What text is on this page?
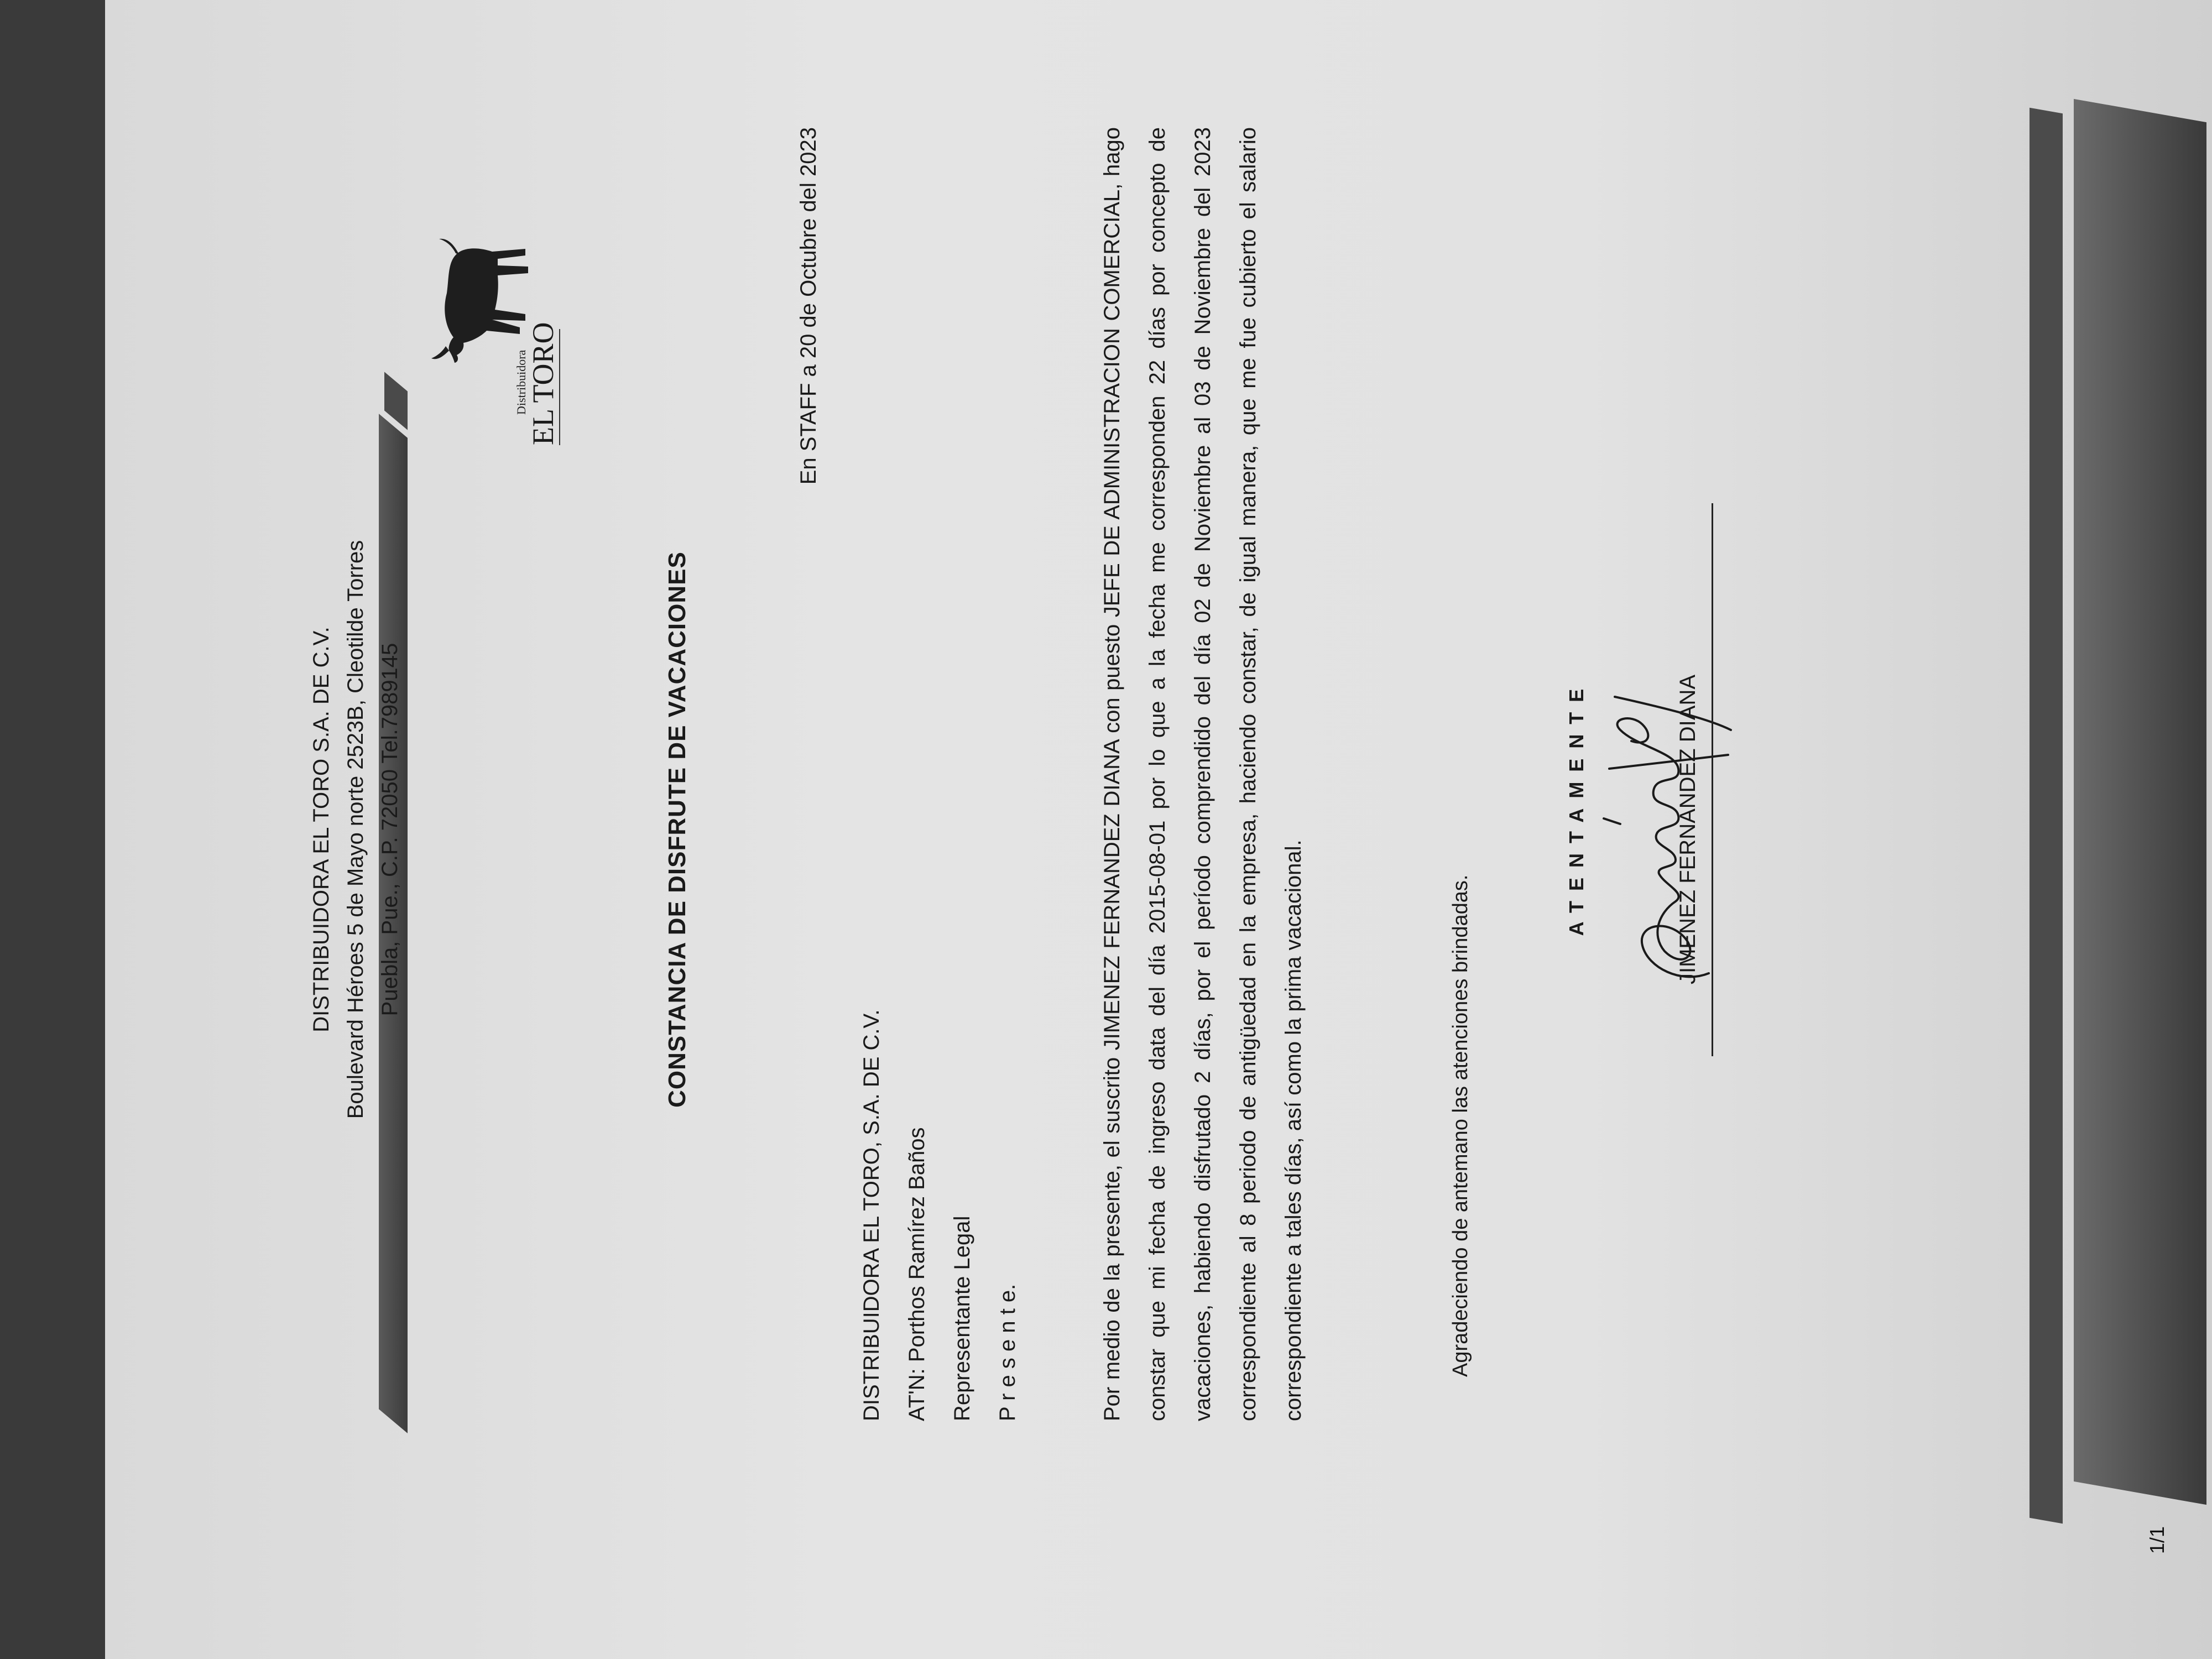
DISTRIBUIDORA EL TORO S.A. DE C.V. Boulevard Héroes 5 de Mayo norte 2523B, Cleotilde Torres Puebla, Pue., C.P. 72050 Tel.7989145
Distribuidora
EL TORO
CONSTANCIA DE DISFRUTE DE VACACIONES
En STAFF a 20 de Octubre del 2023
DISTRIBUIDORA EL TORO, S.A. DE C.V. AT'N: Porthos Ramírez Baños Representante Legal P r e s e n t e.	Por medio de la presente, el suscrito JIMENEZ FERNANDEZ DIANA con puesto JEFE DE ADMINISTRACION COMERCIAL, hago constar que mi fecha de ingreso data del día 2015-08-01 por lo que a la fecha me corresponden 22 días por concepto de vacaciones, habiendo disfrutado 2 días, por el período comprendido del día 02 de Noviembre al 03 de Noviembre del 2023 correspondiente al 8 periodo de antigüedad en la empresa, haciendo constar, de igual manera, que me fue cubierto el salario correspondiente a tales días, así como la prima vacacional.	Agradeciendo de antemano las atenciones brindadas.
ATENTAMENTE	JIMENEZ FERNANDEZ DIANA
1/1
